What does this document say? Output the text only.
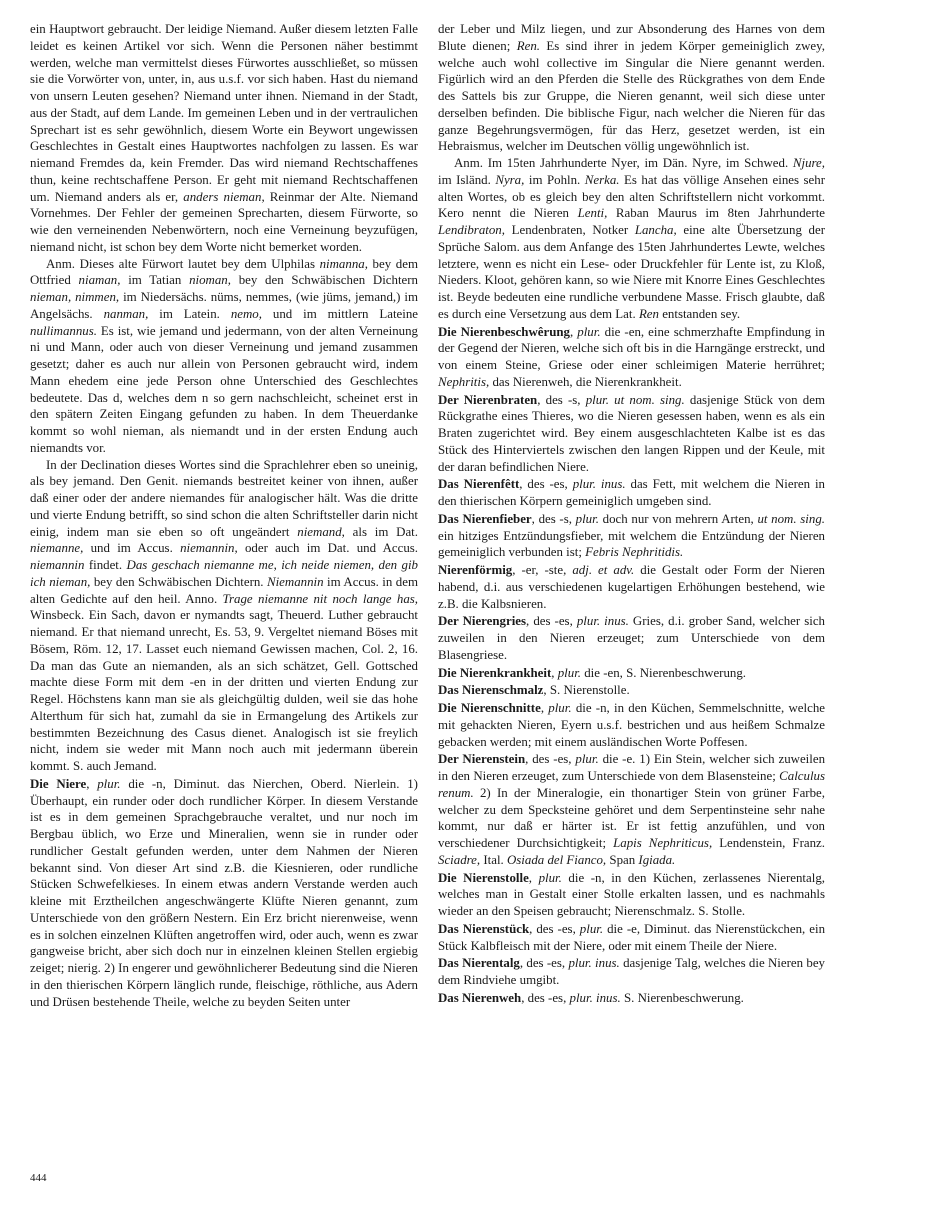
ein Hauptwort gebraucht. Der leidige Niemand. Außer diesem letzten Falle leidet es keinen Artikel vor sich. Wenn die Personen näher bestimmt werden, welche man vermittelst dieses Fürwortes ausschließet, so müssen sie die Vorwörter von, unter, in, aus u.s.f. vor sich haben. Hast du niemand von unsern Leuten gesehen? Niemand unter ihnen. Niemand in der Stadt, aus der Stadt, auf dem Lande. Im gemeinen Leben und in der vertraulichen Sprechart ist es sehr gewöhnlich, diesem Worte ein Beywort ungewissen Geschlechtes in Gestalt eines Hauptwortes nachfolgen zu lassen. Es war niemand Fremdes da, kein Fremder. Das wird niemand Rechtschaffenes thun, keine rechtschaffene Person. Er geht mit niemand Rechtschaffenen um. Niemand anders als er, anders nieman, Reinmar der Alte. Niemand Vornehmes. Der Fehler der gemeinen Sprecharten, diesem Fürworte, so wie den verneinenden Nebenwörtern, noch eine Verneinung beyzufügen, niemand nicht, ist schon bey dem Worte nicht bemerket worden.

Anm. Dieses alte Fürwort lautet bey dem Ulphilas nimanna, bey dem Ottfried niaman, im Tatian nioman, bey den Schwäbischen Dichtern nieman, nimmen, im Niedersächs. nüms, nemmes, (wie jüms, jemand,) im Angelsächs. nanman, im Latein. nemo, und im mittlern Lateine nullimannus. Es ist, wie jemand und jedermann, von der alten Verneinung ni und Mann, oder auch von dieser Verneinung und jemand zusammen gesetzt; daher es auch nur allein von Personen gebraucht wird, indem Mann ehedem eine jede Person ohne Unterschied des Geschlechtes bedeutete. Das d, welches dem n so gern nachschleicht, scheinet erst in den spätern Zeiten Eingang gefunden zu haben. In dem Theuerdanke kommt so wohl nieman, als niemandt und in der ersten Endung auch niemandts vor.

In der Declination dieses Wortes sind die Sprachlehrer eben so uneinig, als bey jemand. Den Genit. niemands bestreitet keiner von ihnen, außer daß einer oder der andere niemandes für analogischer hält. Was die dritte und vierte Endung betrifft, so sind schon die alten Schriftsteller darin nicht einig, indem man sie eben so oft ungeändert niemand, als im Dat. niemanne, und im Accus. niemannin, oder auch im Dat. und Accus. niemannin findet. Das geschach niemanne me, ich neide niemen, den gib ich nieman, bey den Schwäbischen Dichtern. Niemannin im Accus. in dem alten Gedichte auf den heil. Anno. Trage niemanne nit noch lange has, Winsbeck. Ein Sach, davon er nymandts sagt, Theuerd. Luther gebraucht niemand. Er that niemand unrecht, Es. 53, 9. Vergeltet niemand Böses mit Bösem, Röm. 12, 17. Lasset euch niemand Gewissen machen, Col. 2, 16. Da man das Gute an niemanden, als an sich schätzet, Gell. Gottsched machte diese Form mit dem -en in der dritten und vierten Endung zur Regel. Höchstens kann man sie als gleichgültig dulden, weil sie das hohe Alterthum für sich hat, zumahl da sie in Ermangelung des Artikels zur bestimmten Bezeichnung des Casus dienet. Analogisch ist sie freylich nicht, indem sie weder mit Mann noch auch mit jedermann überein kommt. S. auch Jemand.

Die Niere, plur. die -n, Diminut. das Nierchen, Oberd. Nierlein. 1) Überhaupt, ein runder oder doch rundlicher Körper. In diesem Verstande ist es in dem gemeinen Sprachgebrauche veraltet, und nur noch im Bergbau üblich, wo Erze und Mineralien, wenn sie in runder oder rundlicher Gestalt gefunden werden, unter dem Nahmen der Nieren bekannt sind. Von dieser Art sind z.B. die Kiesnieren, oder rundliche Stücken Schwefelkieses. In einem etwas andern Verstande werden auch kleine mit Erztheilchen angeschwängerte Klüfte Nieren genannt, zum Unterschiede von den größern Nestern. Ein Erz bricht nierenweise, wenn es in solchen einzelnen Klüften angetroffen wird, oder auch, wenn es zwar gangweise bricht, aber sich doch nur in einzelnen kleinen Stellen ergiebig zeiget; nierig. 2) In engerer und gewöhnlicherer Bedeutung sind die Nieren in den thierischen Körpern länglich runde, fleischige, röthliche, aus Adern und Drüsen bestehende Theile, welche zu beyden Seiten unter

der Leber und Milz liegen, und zur Absonderung des Harnes von dem Blute dienen; Ren. Es sind ihrer in jedem Körper gemeiniglich zwey, welche auch wohl collective im Singular die Niere genannt werden. Figürlich wird an den Pferden die Stelle des Rückgrathes von dem Ende des Sattels bis zur Gruppe, die Nieren genannt, weil sich diese unter derselben befinden. Die biblische Figur, nach welcher die Nieren für das ganze Begehrungsvermögen, für das Herz, gesetzet werden, ist ein Hebraismus, welcher im Deutschen völlig ungewöhnlich ist.

Anm. Im 15ten Jahrhunderte Nyer, im Dän. Nyre, im Schwed. Njure, im Isländ. Nyra, im Pohln. Nerka. Es hat das völlige Ansehen eines sehr alten Wortes, ob es gleich bey den alten Schriftstellern nicht vorkommt. Kero nennt die Nieren Lenti, Raban Maurus im 8ten Jahrhunderte Lendibraton, Lendenbraten, Notker Lancha, eine alte Übersetzung der Sprüche Salom. aus dem Anfange des 15ten Jahrhundertes Lewte, welches letztere, wenn es nicht ein Lese- oder Druckfehler für Lente ist, zu Kloß, Nieders. Kloot, gehören kann, so wie Niere mit Knorre Eines Geschlechtes ist. Beyde bedeuten eine rundliche verbundene Masse. Frisch glaubte, daß es durch eine Versetzung aus dem Lat. Ren entstanden sey.

Die Nierenbeschwêrung, plur. die -en, eine schmerzhafte Empfindung in der Gegend der Nieren, welche sich oft bis in die Harngänge erstreckt, und von einem Steine, Griese oder einer schleimigen Materie herrühret; Nephritis, das Nierenweh, die Nierenkrankheit.

Der Nierenbraten, des -s, plur. ut nom. sing. dasjenige Stück von dem Rückgrathe eines Thieres, wo die Nieren gesessen haben, wenn es als ein Braten zugerichtet wird. Bey einem ausgeschlachteten Kalbe ist es das Stück des Hinterviertels zwischen den langen Rippen und der Keule, mit der daran befindlichen Niere.

Das Nierenfêtt, des -es, plur. inus. das Fett, mit welchem die Nieren in den thierischen Körpern gemeiniglich umgeben sind.

Das Nierenfieber, des -s, plur. doch nur von mehrern Arten, ut nom. sing. ein hitziges Entzündungsfieber, mit welchem die Entzündung der Nieren gemeiniglich verbunden ist; Febris Nephritidis.

Nierenförmig, -er, -ste, adj. et adv. die Gestalt oder Form der Nieren habend, d.i. aus verschiedenen kugelartigen Erhöhungen bestehend, wie z.B. die Kalbsnieren.

Der Nierengries, des -es, plur. inus. Gries, d.i. grober Sand, welcher sich zuweilen in den Nieren erzeuget; zum Unterschiede von dem Blasengriese.

Die Nierenkrankheit, plur. die -en, S. Nierenbeschwerung.

Das Nierenschmalz, S. Nierenstolle.

Die Nierenschnitte, plur. die -n, in den Küchen, Semmelschnitte, welche mit gehackten Nieren, Eyern u.s.f. bestrichen und aus heißem Schmalze gebacken werden; mit einem ausländischen Worte Poffesen.

Der Nierenstein, des -es, plur. die -e. 1) Ein Stein, welcher sich zuweilen in den Nieren erzeuget, zum Unterschiede von dem Blasensteine; Calculus renum. 2) In der Mineralogie, ein thonartiger Stein von grüner Farbe, welcher zu dem Specksteine gehöret und dem Serpentinsteine sehr nahe kommt, nur daß er härter ist. Er ist fettig anzufühlen, und von verschiedener Durchsichtigkeit; Lapis Nephriticus, Lendenstein, Franz. Sciadre, Ital. Osiada del Fianco, Span Igiada.

Die Nierenstolle, plur. die -n, in den Küchen, zerlassenes Nierentalg, welches man in Gestalt einer Stolle erkalten lassen, und es nachmahls wieder an den Speisen gebraucht; Nierenschmalz. S. Stolle.

Das Nierenstück, des -es, plur. die -e, Diminut. das Nierenstückchen, ein Stück Kalbfleisch mit der Niere, oder mit einem Theile der Niere.

Das Nierentalg, des -es, plur. inus. dasjenige Talg, welches die Nieren bey dem Rindviehe umgibt.

Das Nierenweh, des -es, plur. inus. S. Nierenbeschwerung.

444
